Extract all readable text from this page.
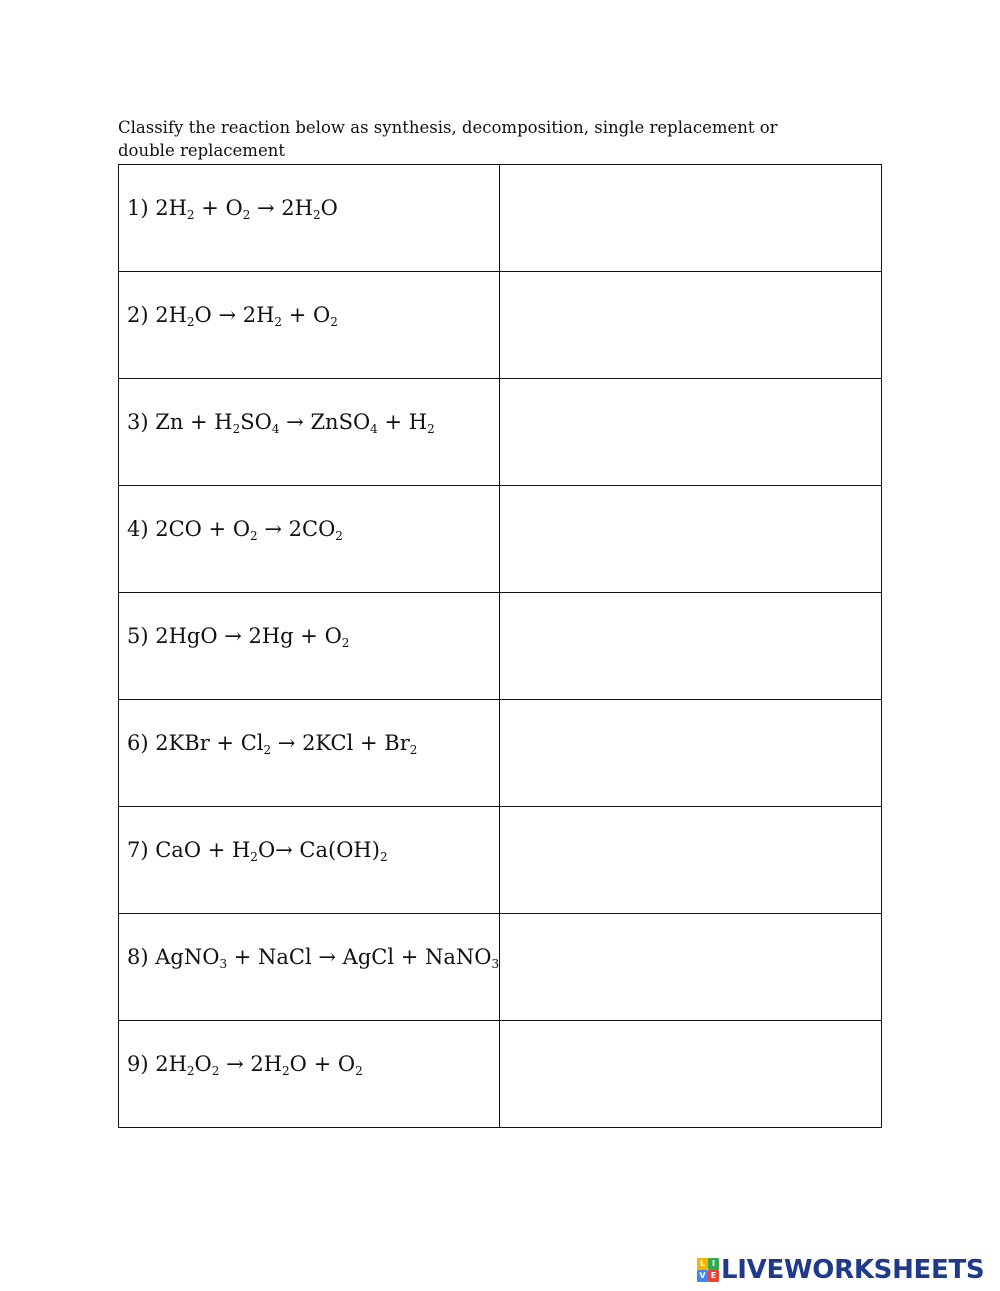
Classify the reaction below as synthesis, decomposition, single replacement or double replacement
1) $2H_2 + O_2 \to 2H_2O$	

2) $2H_2O \to 2H_2 + O_2$

3) $Zn + H_2SO_4$ → ZnSO$_4$ + $H_2$

4) $2CO + O_2 \to 2CO_2$

5) $2HgO \to 2Hg + O_2$

6) $2KBr + Cl_2 \to 2KCl + Br_2$

7) CaO + $H_2O\to Ca(OH)_2$

8) AgNO$_3$ + NaCl → AgCl + NaNO$_3$

9) $2H_2O_2 \to 2H_2O + O_2$

L I
V E LIVEWORKSHEETS
